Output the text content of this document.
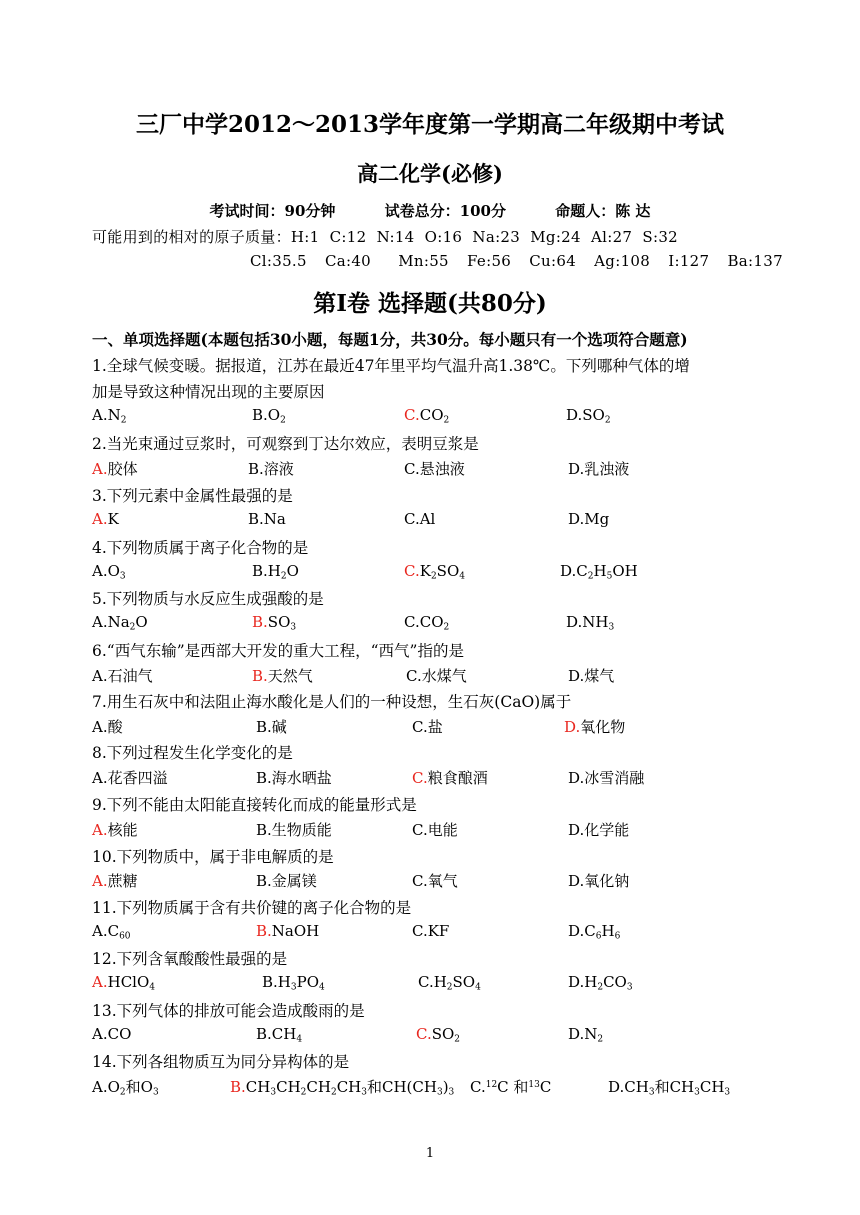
三厂中学2012～2013学年度第一学期高二年级期中考试
高二化学(必修)
考试时间：90分钟	试卷总分：100分	命题人：陈 达
可能用到的相对的原子质量：H:1  C:12  N:14  O:16  Na:23  Mg:24  Al:27  S:32
Cl:35.5  Ca:40   Mn:55  Fe:56  Cu:64  Ag:108  I:127  Ba:137
第Ⅰ卷 选择题(共80分)
一、单项选择题(本题包括30小题，每题1分，共30分。每小题只有一个选项符合题意)
1.全球气候变暖。据报道，江苏在最近47年里平均气温升高1.38℃。下列哪种气体的增
加是导致这种情况出现的主要原因
$A.N_2$	$B.O_2$	$C.CO_2$	$D.SO_2$
2.当光束通过豆浆时，可观察到丁达尔效应，表明豆浆是
A.胶体	B.溶液	C.悬浊液	D.乳浊液
3.下列元素中金属性最强的是
A.K	B.Na	C.Al	D.Mg
4.下列物质属于离子化合物的是
$A.O_3$	$B.H_2O$	$C.K_2SO_4$	$D.C_2H_5OH$
5.下列物质与水反应生成强酸的是
$A.Na_2O$	$B.SO_3$	$C.CO_2$	$D.NH_3$
6.“西气东输”是西部大开发的重大工程，“西气”指的是
A.石油气	B.天然气	C.水煤气	D.煤气
7.用生石灰中和法阻止海水酸化是人们的一种设想，生石灰(CaO)属于
A.酸	B.碱	C.盐	D.氧化物
8.下列过程发生化学变化的是
A.花香四溢	B.海水晒盐	C.粮食酿酒	D.冰雪消融
9.下列不能由太阳能直接转化而成的能量形式是
A.核能	B.生物质能	C.电能	D.化学能
10.下列物质中，属于非电解质的是
A.蔗糖	B.金属镁	C.氧气	D.氧化钠
11.下列物质属于含有共价键的离子化合物的是
$A.C_{60}$	B.NaOH	C.KF	$D.C_6H_6$
12.下列含氧酸酸性最强的是
A.HClO$_4$	$B.H_3PO_4$	$C.H_2SO_4$	$D.H_2CO_3$
13.下列气体的排放可能会造成酸雨的是
A.CO	$B.CH_4$	$C.SO_2$	$D.N_2$
14.下列各组物质互为同分异构体的是
$A.O_2$和$O_3$	$B.CH_3CH_2CH_2CH_3$和$CH(CH_3)_3$ C.$^{12}$C 和$^{13}$C	$D.CH_3$和$CH_3CH_3$
1
